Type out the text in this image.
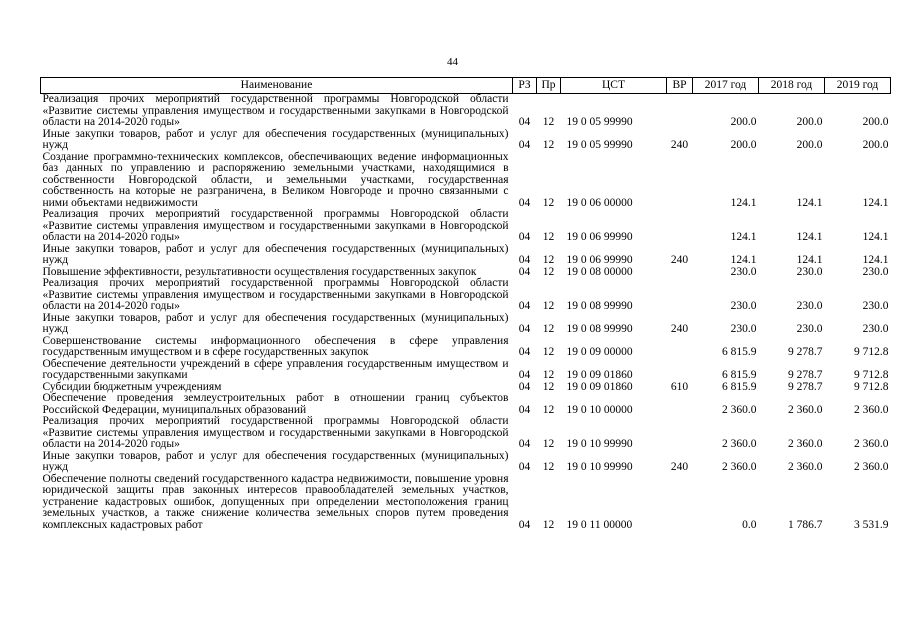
44
Наименование	РЗ	Пр	ЦСТ	ВР	2017 год	2018 год	2019 год
Реализация прочих мероприятий государственной программы Новгородской области «Развитие системы управления имуществом и государственными закупками в Новгородской области на 2014-2020 годы»	04	12	19 0 05 99990		200.0	200.0	200.0
Иные закупки товаров, работ и услуг для обеспечения государственных (муниципальных) нужд	04	12	19 0 05 99990	240	200.0	200.0	200.0
Создание программно-технических комплексов, обеспечивающих ведение информационных баз данных по управлению и распоряжению земельными участками, находящимися в собственности Новгородской области, и земельными участками, государственная собственность на которые не разграничена, в Великом Новгороде и прочно связанными с ними объектами недвижимости	04	12	19 0 06 00000		124.1	124.1	124.1
Реализация прочих мероприятий государственной программы Новгородской области «Развитие системы управления имуществом и государственными закупками в Новгородской области на 2014-2020 годы»	04	12	19 0 06 99990		124.1	124.1	124.1
Иные закупки товаров, работ и услуг для обеспечения государственных (муниципальных) нужд	04	12	19 0 06 99990	240	124.1	124.1	124.1
Повышение эффективности, результативности осуществления государственных закупок	04	12	19 0 08 00000		230.0	230.0	230.0
Реализация прочих мероприятий государственной программы Новгородской области «Развитие системы управления имуществом и государственными закупками в Новгородской области на 2014-2020 годы»	04	12	19 0 08 99990		230.0	230.0	230.0
Иные закупки товаров, работ и услуг для обеспечения государственных (муниципальных) нужд	04	12	19 0 08 99990	240	230.0	230.0	230.0
Совершенствование системы информационного обеспечения в сфере управления государственным имуществом и в сфере государственных закупок	04	12	19 0 09 00000		6 815.9	9 278.7	9 712.8
Обеспечение деятельности учреждений в сфере управления государственным имуществом и государственными закупками	04	12	19 0 09 01860		6 815.9	9 278.7	9 712.8
Субсидии бюджетным учреждениям	04	12	19 0 09 01860	610	6 815.9	9 278.7	9 712.8
Обеспечение проведения землеустроительных работ в отношении границ субъектов Российской Федерации, муниципальных образований	04	12	19 0 10 00000		2 360.0	2 360.0	2 360.0
Реализация прочих мероприятий государственной программы Новгородской области «Развитие системы управления имуществом и государственными закупками в Новгородской области на 2014-2020 годы»	04	12	19 0 10 99990		2 360.0	2 360.0	2 360.0
Иные закупки товаров, работ и услуг для обеспечения государственных (муниципальных) нужд	04	12	19 0 10 99990	240	2 360.0	2 360.0	2 360.0
Обеспечение полноты сведений государственного кадастра недвижимости, повышение уровня юридической защиты прав законных интересов правообладателей земельных участков, устранение кадастровых ошибок, допущенных при определении местоположения границ земельных участков, а также снижение количества земельных споров путем проведения комплексных кадастровых работ	04	12	19 0 11 00000		0.0	1 786.7	3 531.9
